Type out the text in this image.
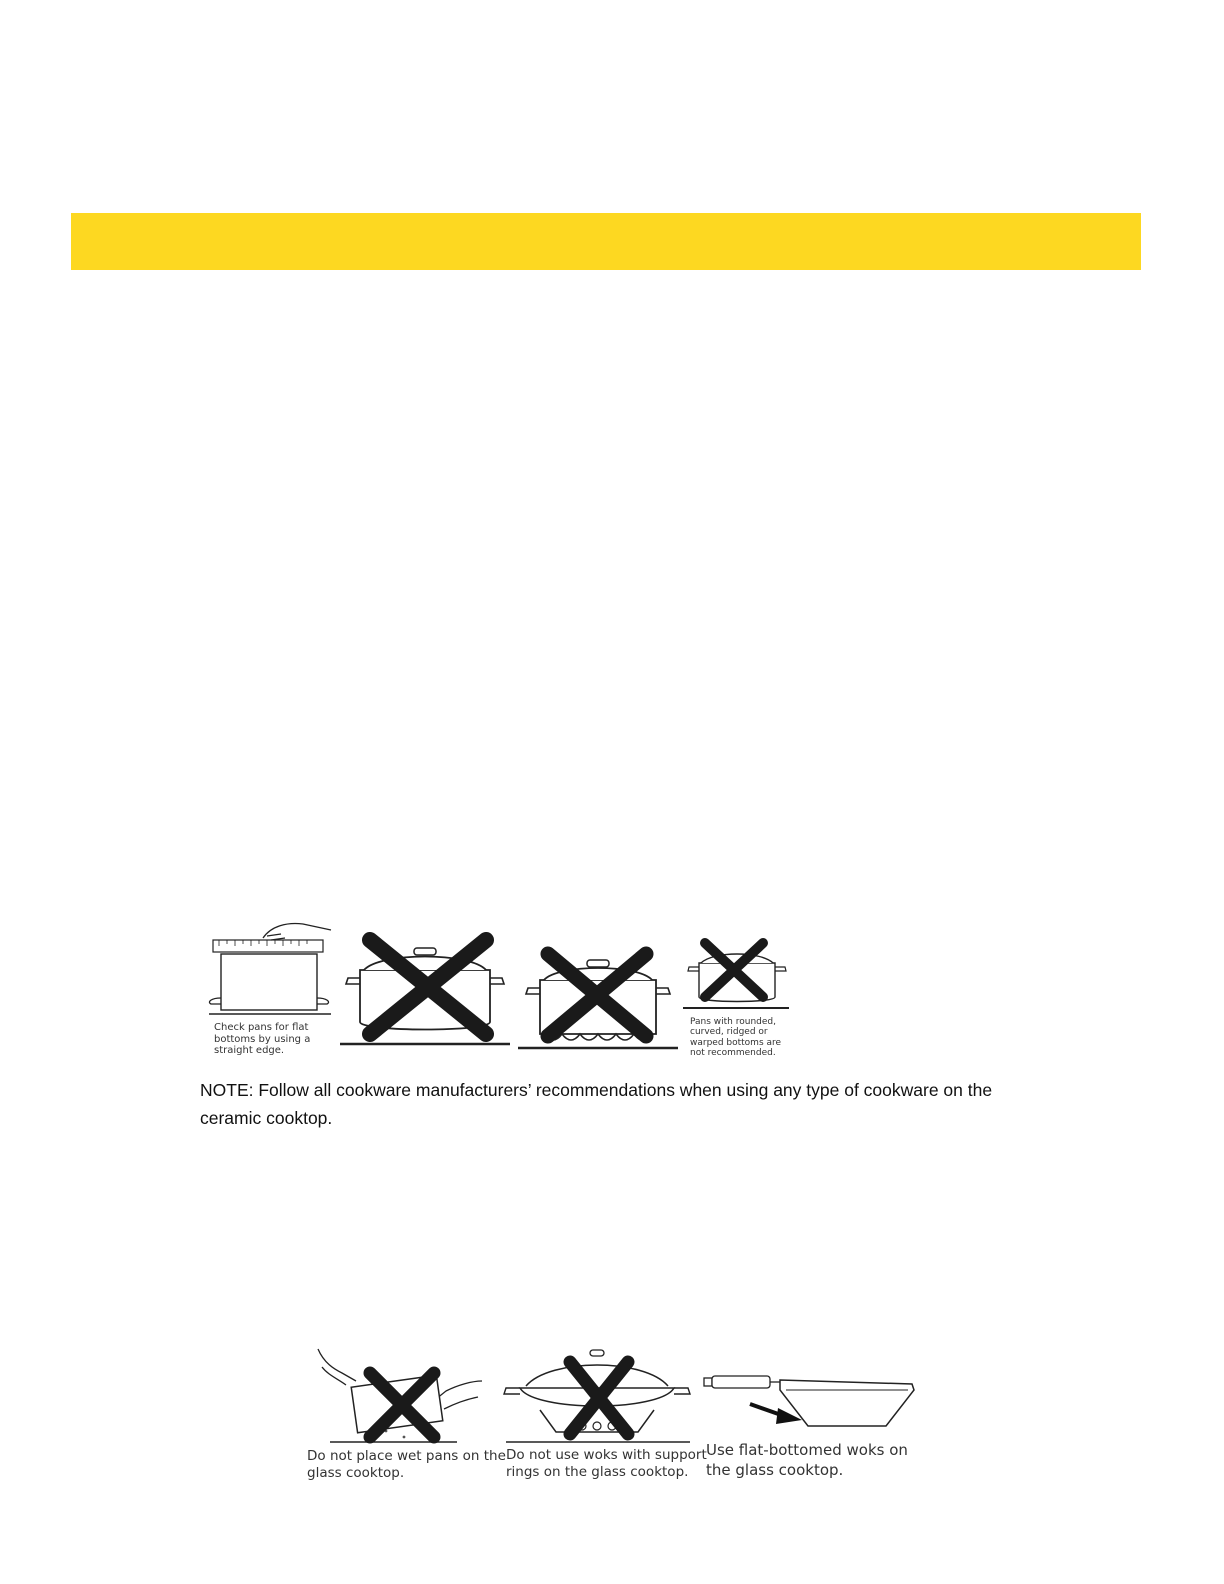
Check pans for flat
bottoms by using a
straight edge.
Pans with rounded,
curved, ridged or
warped bottoms are
not recommended.
NOTE: Follow all cookware manufacturers’ recommendations when using any type of cookware on the ceramic cooktop.
Do not place wet pans on the
glass cooktop.
Do not use woks with support
rings on the glass cooktop.
Use flat-bottomed woks on
the glass cooktop.
